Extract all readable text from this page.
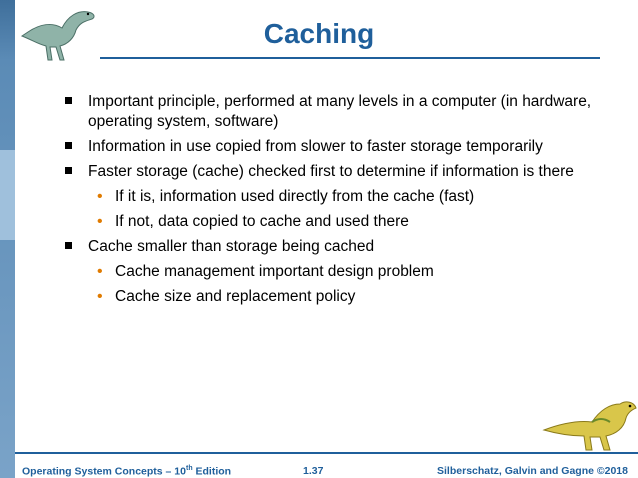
Caching
Important principle, performed at many levels in a computer (in hardware, operating system, software)
Information in use copied from slower to faster storage temporarily
Faster storage (cache) checked first to determine if information is there
• If it is, information used directly from the cache (fast)
• If not, data copied to cache and used there
Cache smaller than storage being cached
• Cache management important design problem
• Cache size and replacement policy
Operating System Concepts – 10th Edition	1.37	Silberschatz, Galvin and Gagne ©2018
